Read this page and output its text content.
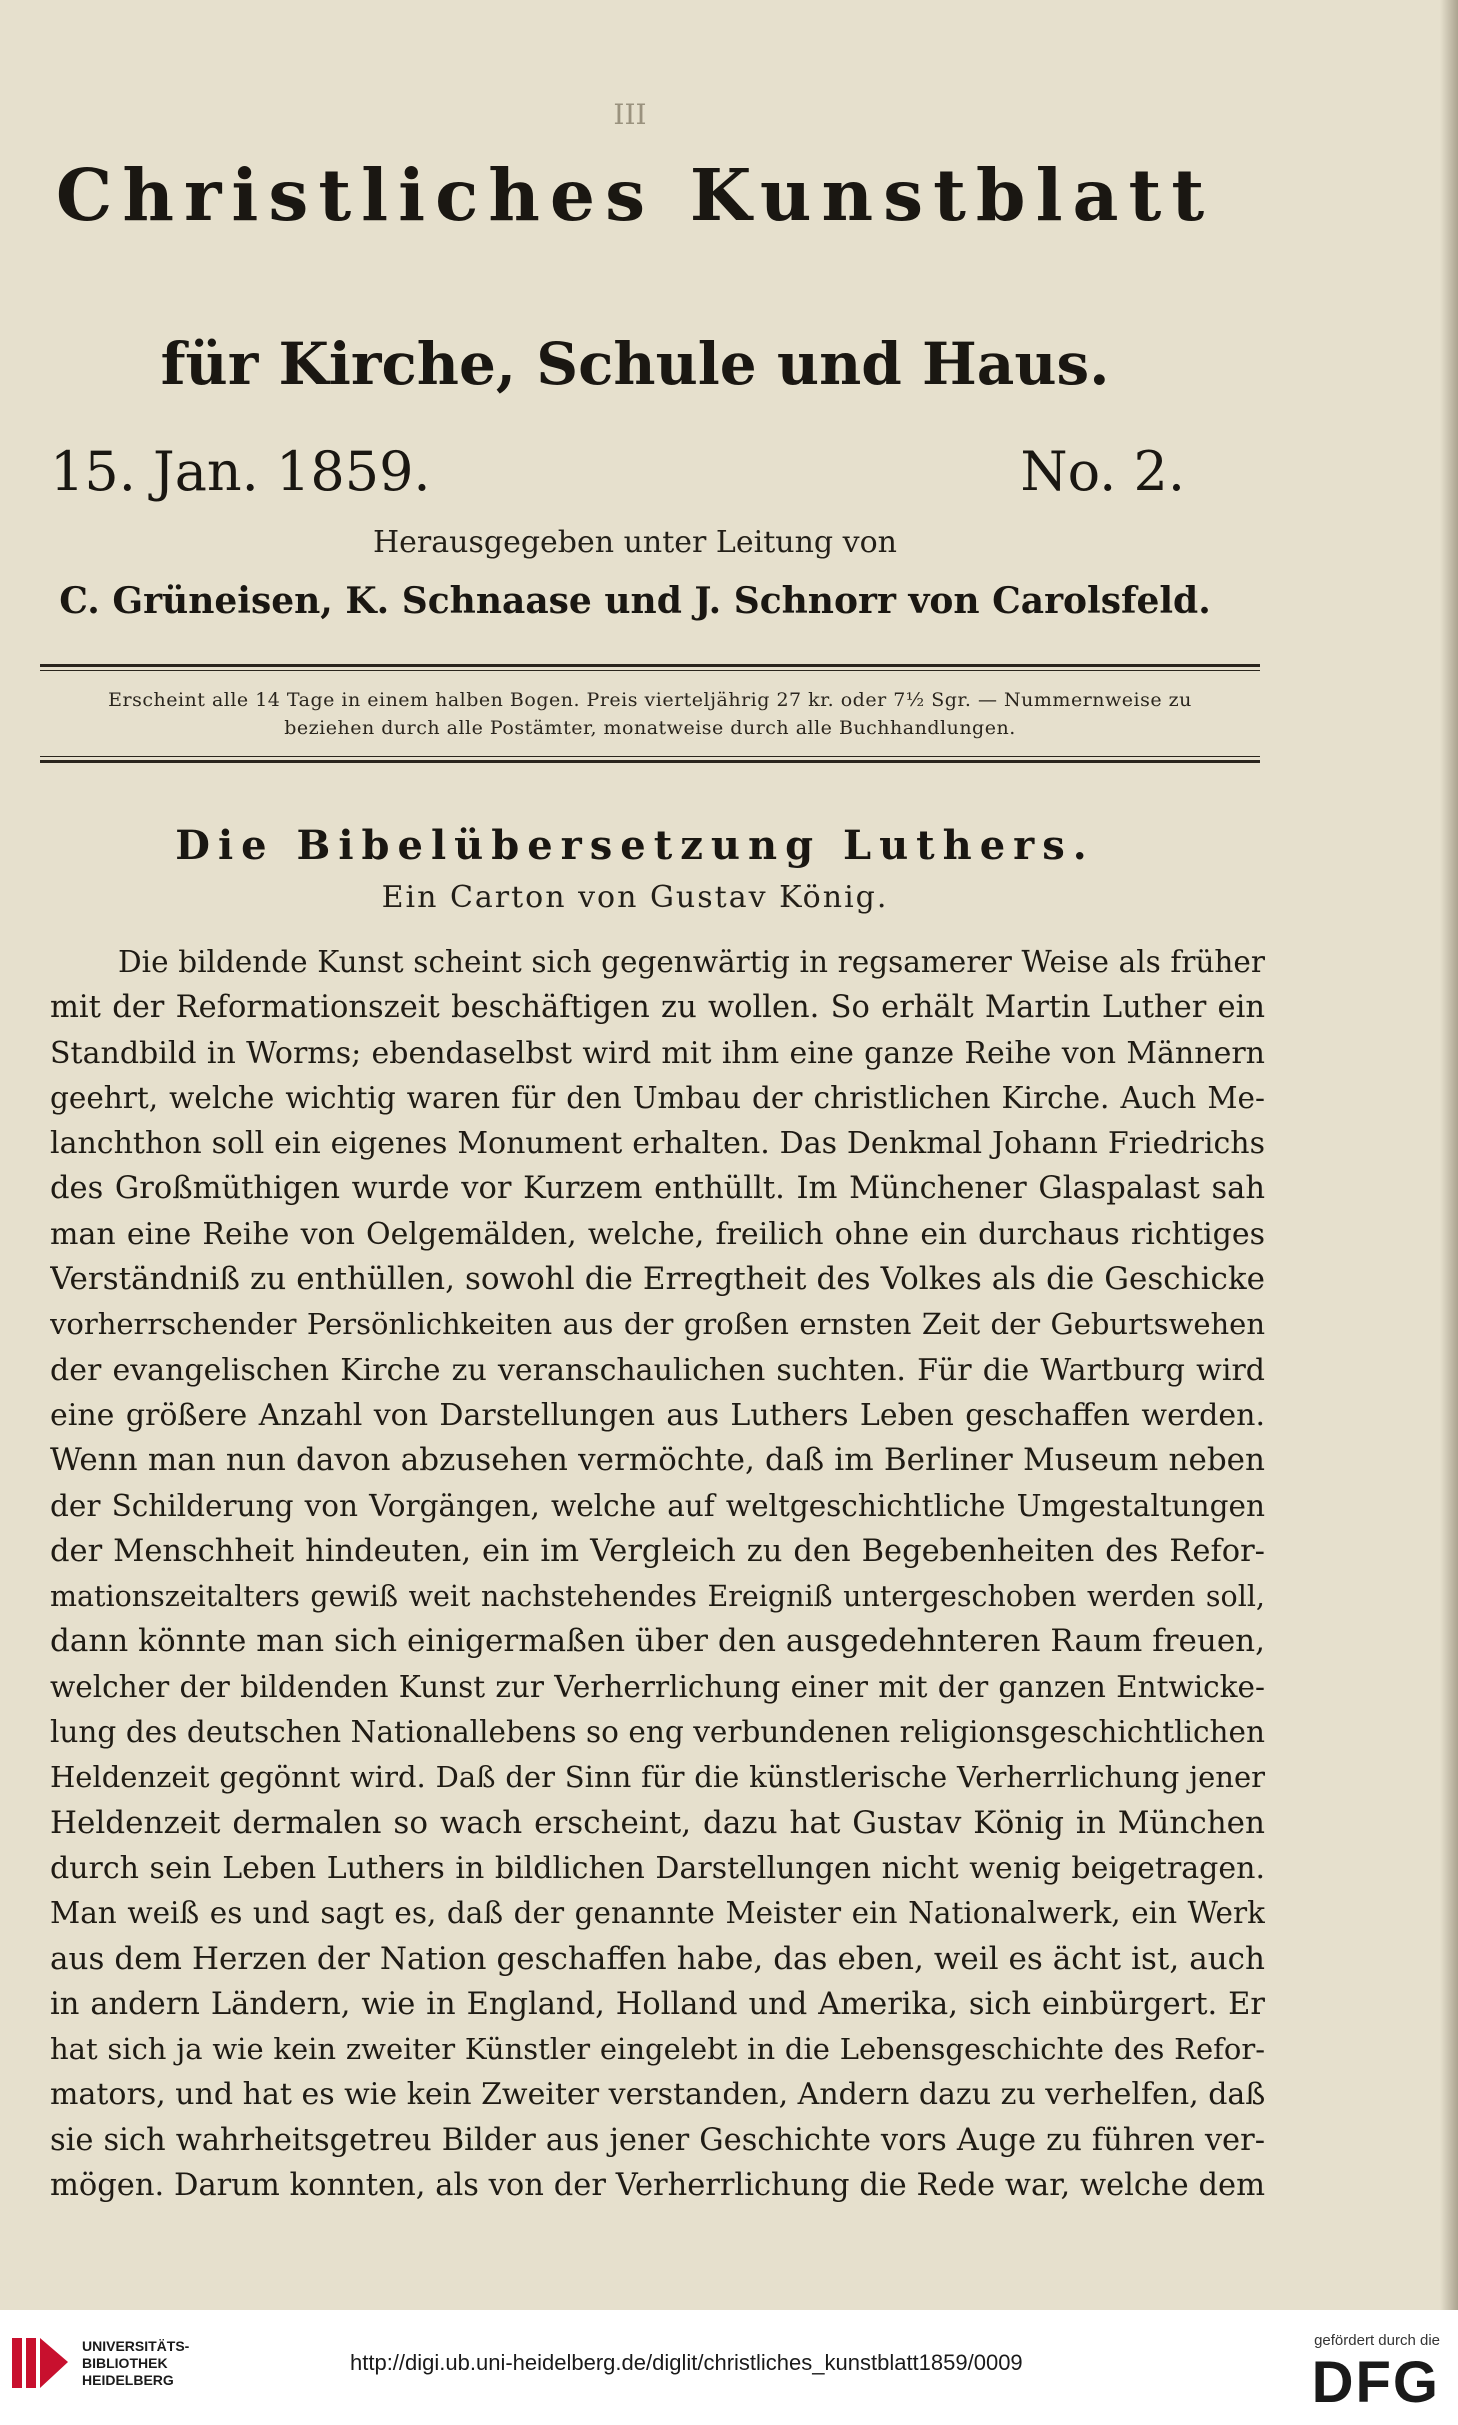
III
Christliches Kunstblatt
für Kirche, Schule und Haus.
15. Jan. 1859.	No. 2.
Herausgegeben unter Leitung von
C. Grüneisen, K. Schnaase und J. Schnorr von Carolsfeld.
Erscheint alle 14 Tage in einem halben Bogen. Preis vierteljährig 27 kr. oder 7½ Sgr. — Nummernweise zu
beziehen durch alle Postämter, monatweise durch alle Buchhandlungen.
Die Bibelübersetzung Luthers.
Ein Carton von Gustav König.
Die bildende Kunst scheint sich gegenwärtig in regsamerer Weise als früher
mit der Reformationszeit beschäftigen zu wollen. So erhält Martin Luther ein
Standbild in Worms; ebendaselbst wird mit ihm eine ganze Reihe von Männern
geehrt, welche wichtig waren für den Umbau der christlichen Kirche. Auch Me-
lanchthon soll ein eigenes Monument erhalten. Das Denkmal Johann Friedrichs
des Großmüthigen wurde vor Kurzem enthüllt. Im Münchener Glaspalast sah
man eine Reihe von Oelgemälden, welche, freilich ohne ein durchaus richtiges
Verständniß zu enthüllen, sowohl die Erregtheit des Volkes als die Geschicke
vorherrschender Persönlichkeiten aus der großen ernsten Zeit der Geburtswehen
der evangelischen Kirche zu veranschaulichen suchten. Für die Wartburg wird
eine größere Anzahl von Darstellungen aus Luthers Leben geschaffen werden.
Wenn man nun davon abzusehen vermöchte, daß im Berliner Museum neben
der Schilderung von Vorgängen, welche auf weltgeschichtliche Umgestaltungen
der Menschheit hindeuten, ein im Vergleich zu den Begebenheiten des Refor-
mationszeitalters gewiß weit nachstehendes Ereigniß untergeschoben werden soll,
dann könnte man sich einigermaßen über den ausgedehnteren Raum freuen,
welcher der bildenden Kunst zur Verherrlichung einer mit der ganzen Entwicke-
lung des deutschen Nationallebens so eng verbundenen religionsgeschichtlichen
Heldenzeit gegönnt wird. Daß der Sinn für die künstlerische Verherrlichung jener
Heldenzeit dermalen so wach erscheint, dazu hat Gustav König in München
durch sein Leben Luthers in bildlichen Darstellungen nicht wenig beigetragen.
Man weiß es und sagt es, daß der genannte Meister ein Nationalwerk, ein Werk
aus dem Herzen der Nation geschaffen habe, das eben, weil es ächt ist, auch
in andern Ländern, wie in England, Holland und Amerika, sich einbürgert. Er
hat sich ja wie kein zweiter Künstler eingelebt in die Lebensgeschichte des Refor-
mators, und hat es wie kein Zweiter verstanden, Andern dazu zu verhelfen, daß
sie sich wahrheitsgetreu Bilder aus jener Geschichte vors Auge zu führen ver-
mögen. Darum konnten, als von der Verherrlichung die Rede war, welche dem
UNIVERSITÄTS-
BIBLIOTHEK
HEIDELBERG
http://digi.ub.uni-heidelberg.de/diglit/christliches_kunstblatt1859/0009
gefördert durch die
DFG
